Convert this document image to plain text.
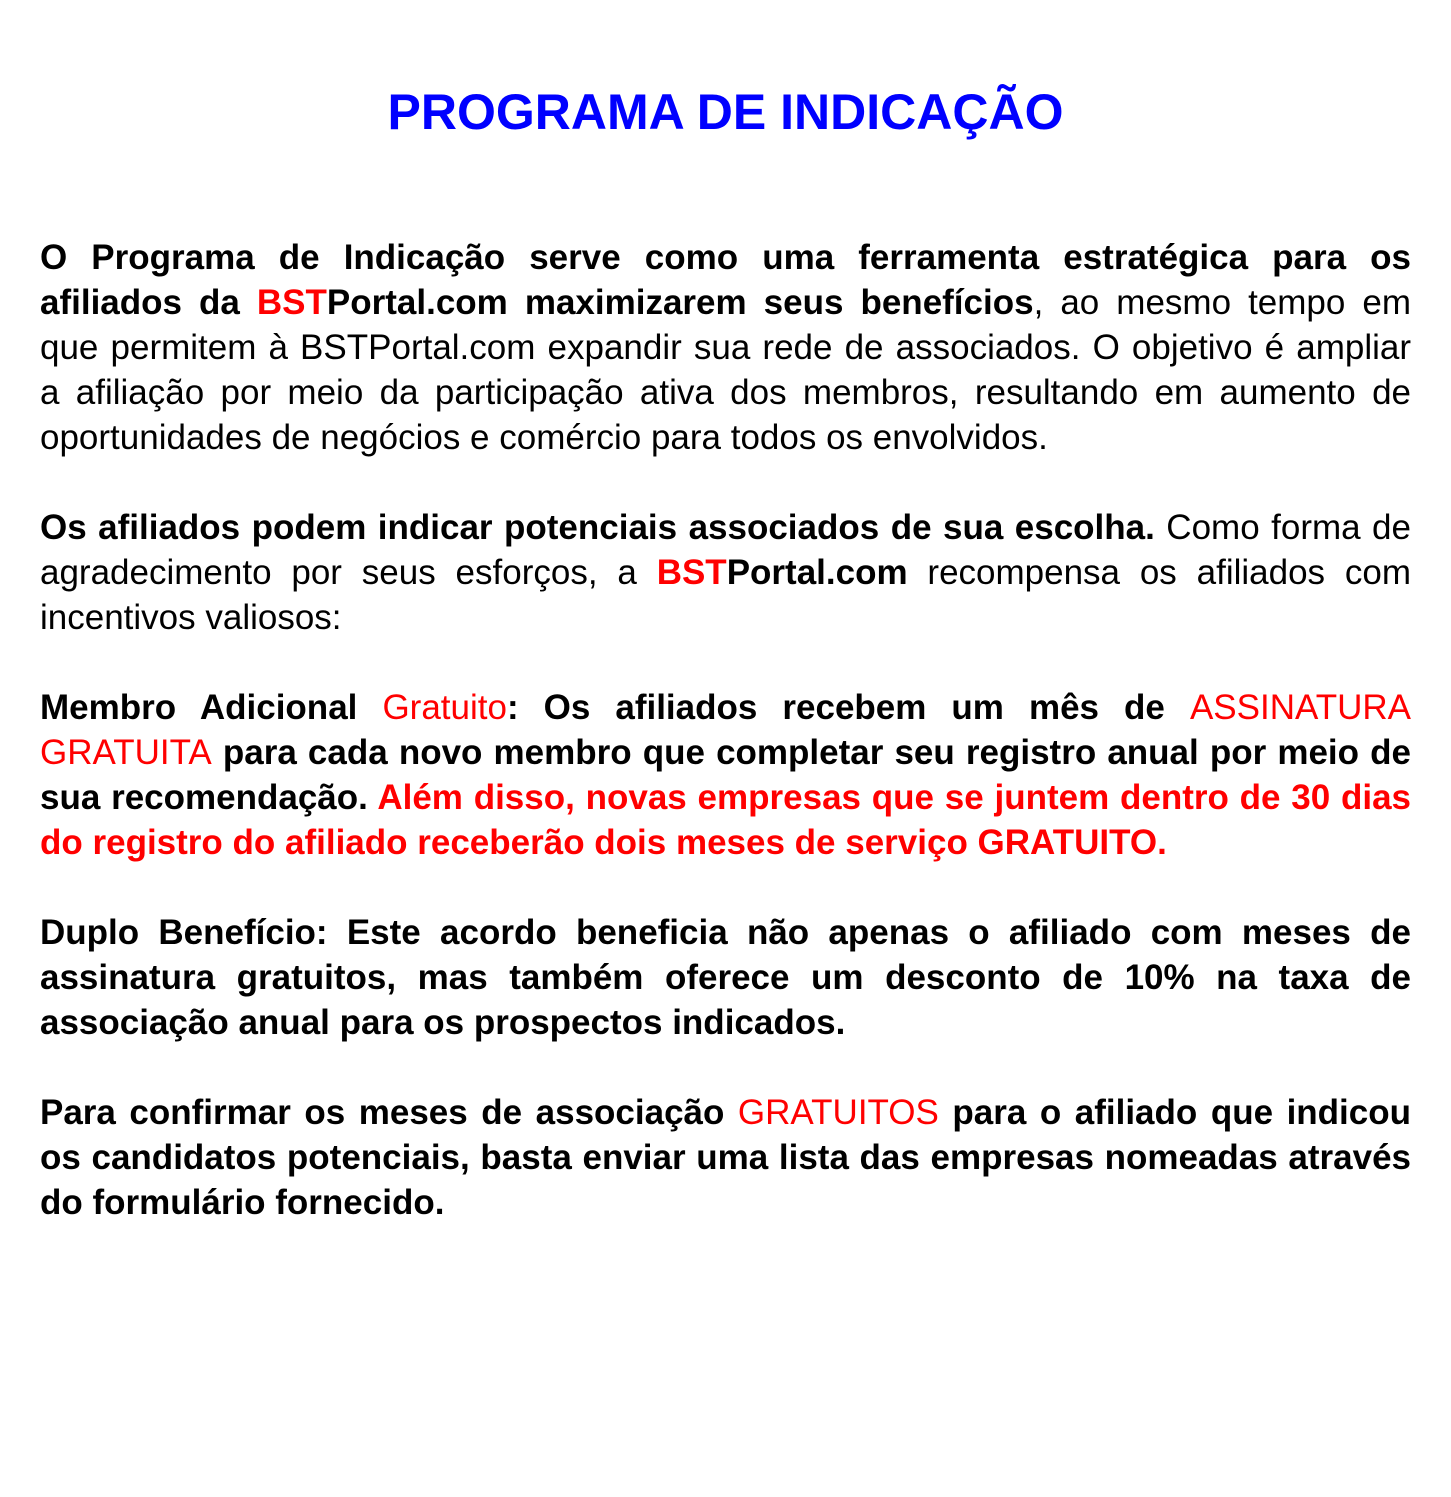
PROGRAMA DE INDICAÇÃO

O Programa de Indicação serve como uma ferramenta estratégica para os afiliados da BSTPortal.com maximizarem seus benefícios, ao mesmo tempo em que permitem à BSTPortal.com expandir sua rede de associados. O objetivo é ampliar a afiliação por meio da participação ativa dos membros, resultando em aumento de oportunidades de negócios e comércio para todos os envolvidos.

Os afiliados podem indicar potenciais associados de sua escolha. Como forma de agradecimento por seus esforços, a BSTPortal.com recompensa os afiliados com incentivos valiosos:

Membro Adicional Gratuito: Os afiliados recebem um mês de ASSINATURA GRATUITA para cada novo membro que completar seu registro anual por meio de sua recomendação. Além disso, novas empresas que se juntem dentro de 30 dias do registro do afiliado receberão dois meses de serviço GRATUITO.

Duplo Benefício: Este acordo beneficia não apenas o afiliado com meses de assinatura gratuitos, mas também oferece um desconto de 10% na taxa de associação anual para os prospectos indicados.

Para confirmar os meses de associação GRATUITOS para o afiliado que indicou os candidatos potenciais, basta enviar uma lista das empresas nomeadas através do formulário fornecido.
